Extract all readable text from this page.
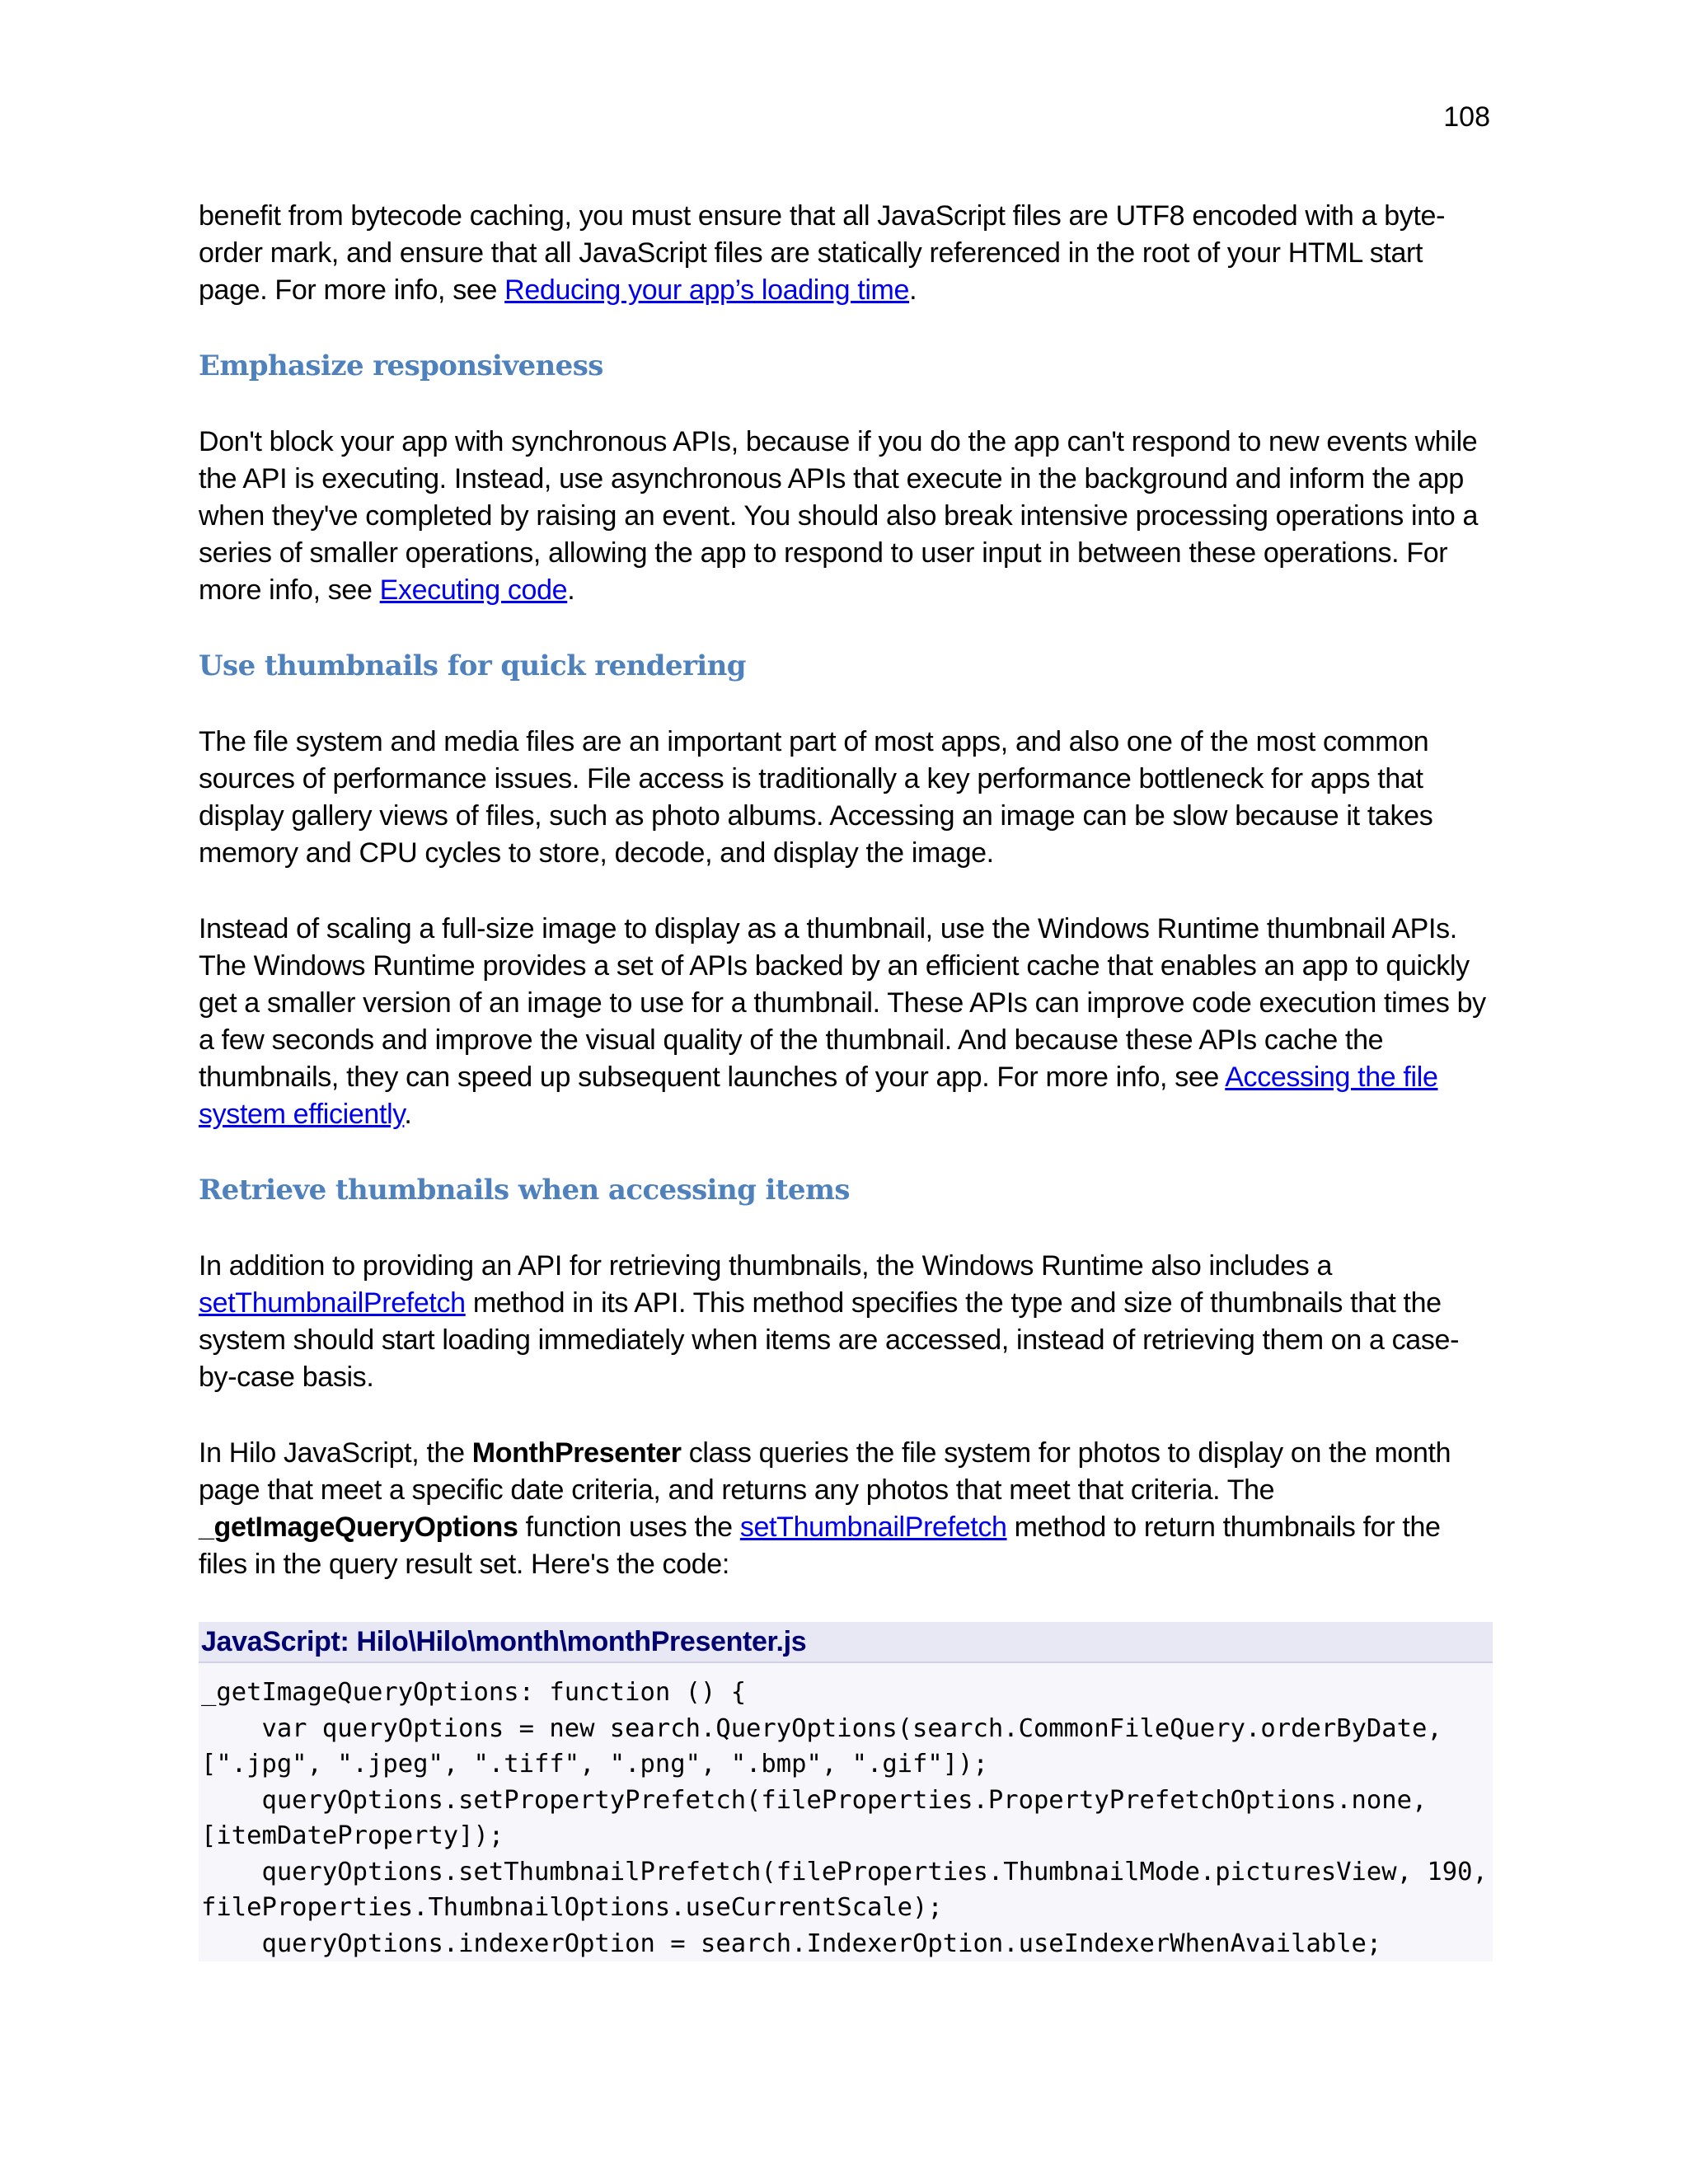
108

benefit from bytecode caching, you must ensure that all JavaScript files are UTF8 encoded with a byte-order mark, and ensure that all JavaScript files are statically referenced in the root of your HTML start page. For more info, see Reducing your app’s loading time.

Emphasize responsiveness

Don't block your app with synchronous APIs, because if you do the app can't respond to new events while the API is executing. Instead, use asynchronous APIs that execute in the background and inform the app when they've completed by raising an event. You should also break intensive processing operations into a series of smaller operations, allowing the app to respond to user input in between these operations. For more info, see Executing code.

Use thumbnails for quick rendering

The file system and media files are an important part of most apps, and also one of the most common sources of performance issues. File access is traditionally a key performance bottleneck for apps that display gallery views of files, such as photo albums. Accessing an image can be slow because it takes memory and CPU cycles to store, decode, and display the image.

Instead of scaling a full-size image to display as a thumbnail, use the Windows Runtime thumbnail APIs. The Windows Runtime provides a set of APIs backed by an efficient cache that enables an app to quickly get a smaller version of an image to use for a thumbnail. These APIs can improve code execution times by a few seconds and improve the visual quality of the thumbnail. And because these APIs cache the thumbnails, they can speed up subsequent launches of your app. For more info, see Accessing the file system efficiently.

Retrieve thumbnails when accessing items

In addition to providing an API for retrieving thumbnails, the Windows Runtime also includes a setThumbnailPrefetch method in its API. This method specifies the type and size of thumbnails that the system should start loading immediately when items are accessed, instead of retrieving them on a case-by-case basis.

In Hilo JavaScript, the MonthPresenter class queries the file system for photos to display on the month page that meet a specific date criteria, and returns any photos that meet that criteria. The _getImageQueryOptions function uses the setThumbnailPrefetch method to return thumbnails for the files in the query result set. Here's the code:

JavaScript: Hilo\Hilo\month\monthPresenter.js
_getImageQueryOptions: function () {
var queryOptions = new search.QueryOptions(search.CommonFileQuery.orderByDate,
[".jpg", ".jpeg", ".tiff", ".png", ".bmp", ".gif"]);
queryOptions.setPropertyPrefetch(fileProperties.PropertyPrefetchOptions.none,
[itemDateProperty]);
queryOptions.setThumbnailPrefetch(fileProperties.ThumbnailMode.picturesView, 190,
fileProperties.ThumbnailOptions.useCurrentScale);
queryOptions.indexerOption = search.IndexerOption.useIndexerWhenAvailable;
